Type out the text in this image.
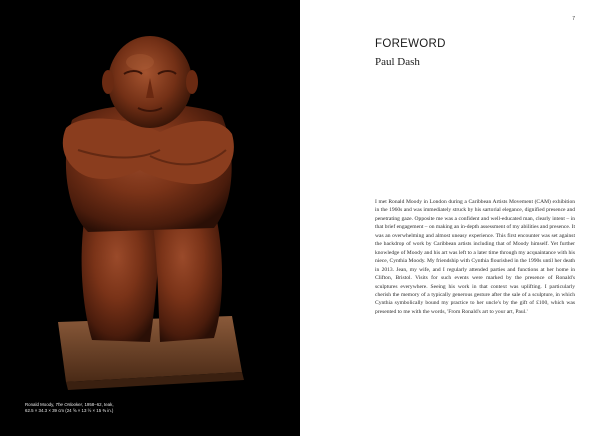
Ronald Moody, The Onlooker, 1958–62, teak,
62.5 × 34.3 × 39 cm (24 ⅝ × 13 ½ × 15 ⅜ in.)
7
FOREWORD
Paul Dash
I met Ronald Moody in London during a Caribbean Artists Movement (CAM) exhibition in the 1960s and was immediately struck by his sartorial elegance, dignified presence and penetrating gaze. Opposite me was a confident and well-educated man, clearly intent – in that brief engagement – on making an in-depth assessment of my abilities and presence. It was an overwhelming and almost uneasy experience. This first encounter was set against the backdrop of work by Caribbean artists including that of Moody himself. Yet further knowledge of Moody and his art was left to a later time through my acquaintance with his niece, Cynthia Moody. My friendship with Cynthia flourished in the 1990s until her death in 2013. Jean, my wife, and I regularly attended parties and functions at her home in Clifton, Bristol. Visits for such events were marked by the presence of Ronald's sculptures everywhere. Seeing his work in that context was uplifting. I particularly cherish the memory of a typically generous gesture after the sale of a sculpture, in which Cynthia symbolically bound my practice to her uncle's by the gift of £100, which was presented to me with the words, 'From Ronald's art to your art, Paul.'
